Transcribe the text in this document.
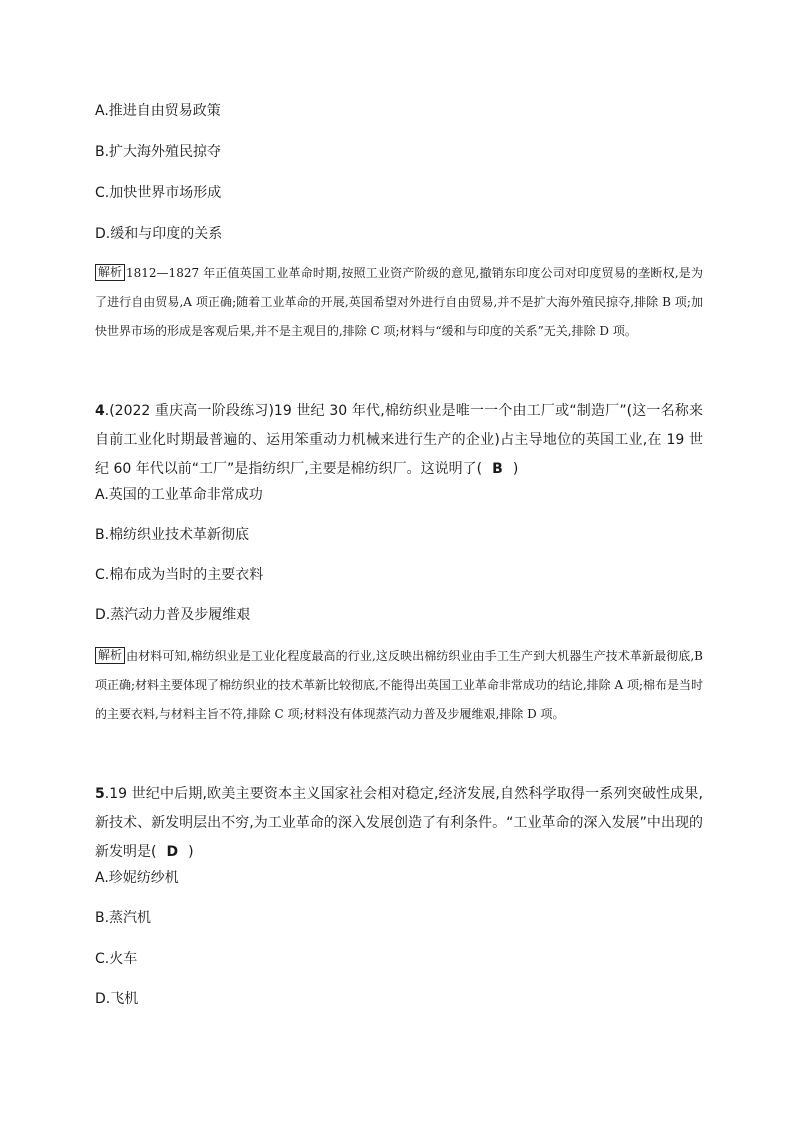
A.推进自由贸易政策
B.扩大海外殖民掠夺
C.加快世界市场形成
D.缓和与印度的关系
解析 1812—1827 年正值英国工业革命时期,按照工业资产阶级的意见,撤销东印度公司对印度贸易的垄断权,是为了进行自由贸易,A 项正确;随着工业革命的开展,英国希望对外进行自由贸易,并不是扩大海外殖民掠夺,排除 B 项;加快世界市场的形成是客观后果,并不是主观目的,排除 C 项;材料与“缓和与印度的关系”无关,排除 D 项。
4.(2022 重庆高一阶段练习)19 世纪 30 年代,棉纺织业是唯一一个由工厂或“制造厂”(这一名称来自前工业化时期最普遍的、运用笨重动力机械来进行生产的企业)占主导地位的英国工业,在 19 世纪 60 年代以前“工厂”是指纺织厂,主要是棉纺织厂。这说明了( B )
A.英国的工业革命非常成功
B.棉纺织业技术革新彻底
C.棉布成为当时的主要衣料
D.蒸汽动力普及步履维艰
解析 由材料可知,棉纺织业是工业化程度最高的行业,这反映出棉纺织业由手工生产到大机器生产技术革新最彻底,B 项正确;材料主要体现了棉纺织业的技术革新比较彻底,不能得出英国工业革命非常成功的结论,排除 A 项;棉布是当时的主要衣料,与材料主旨不符,排除 C 项;材料没有体现蒸汽动力普及步履维艰,排除 D 项。
5.19 世纪中后期,欧美主要资本主义国家社会相对稳定,经济发展,自然科学取得一系列突破性成果,新技术、新发明层出不穷,为工业革命的深入发展创造了有利条件。“工业革命的深入发展”中出现的新发明是( D )
A.珍妮纺纱机
B.蒸汽机
C.火车
D.飞机
